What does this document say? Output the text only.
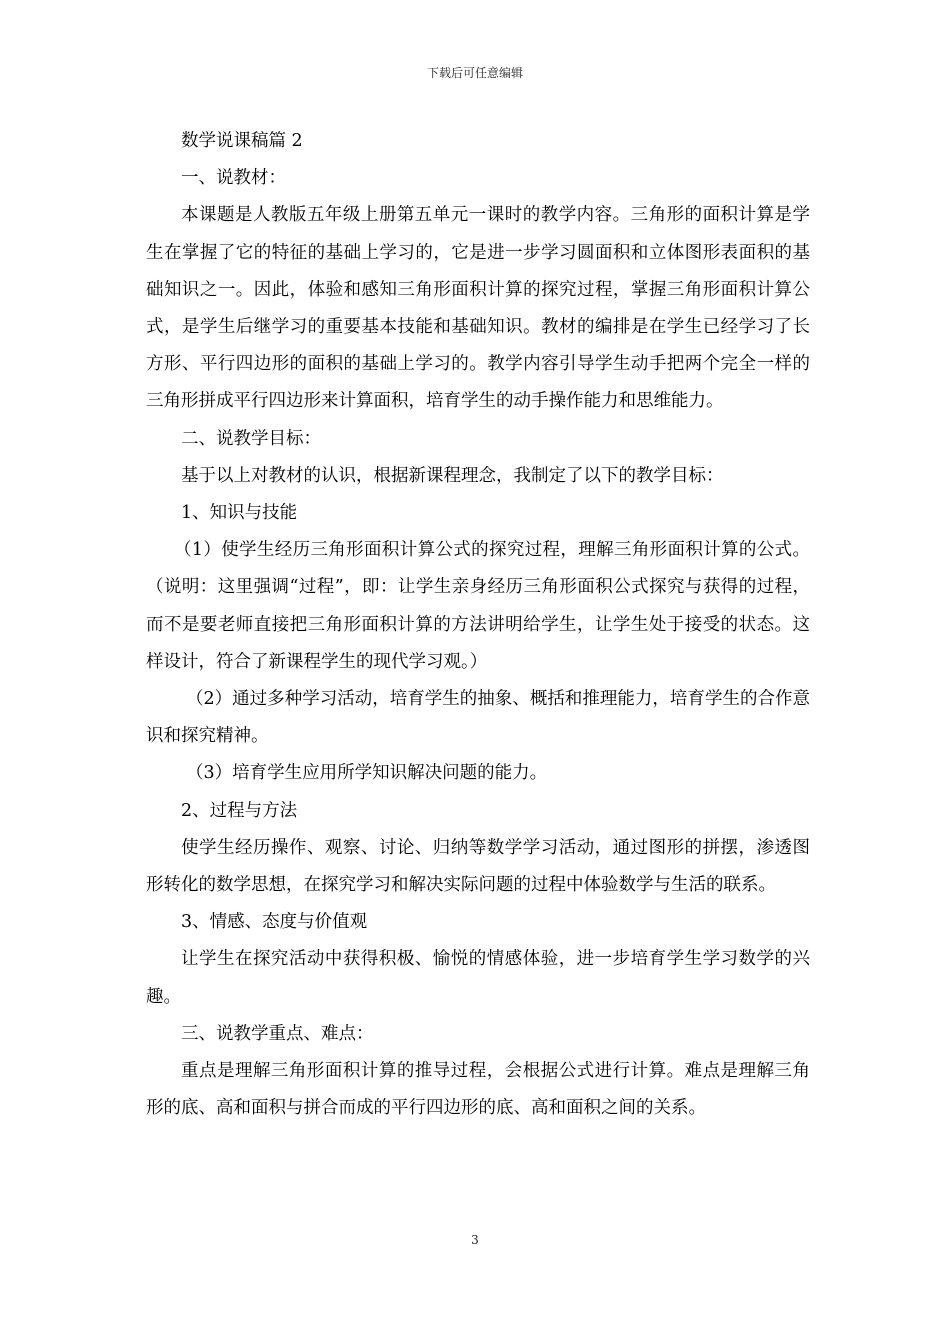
下载后可任意编辑

数学说课稿篇 2

一、说教材：

本课题是人教版五年级上册第五单元一课时的教学内容。三角形的面积计算是学生在掌握了它的特征的基础上学习的，它是进一步学习圆面积和立体图形表面积的基础知识之一。因此，体验和感知三角形面积计算的探究过程，掌握三角形面积计算公式，是学生后继学习的重要基本技能和基础知识。教材的编排是在学生已经学习了长方形、平行四边形的面积的基础上学习的。教学内容引导学生动手把两个完全一样的三角形拼成平行四边形来计算面积，培育学生的动手操作能力和思维能力。

二、说教学目标：

基于以上对教材的认识，根据新课程理念，我制定了以下的教学目标：

1、知识与技能

（1）使学生经历三角形面积计算公式的探究过程，理解三角形面积计算的公式。（说明：这里强调“过程”，即：让学生亲身经历三角形面积公式探究与获得的过程，而不是要老师直接把三角形面积计算的方法讲明给学生，让学生处于接受的状态。这样设计，符合了新课程学生的现代学习观。）

（2）通过多种学习活动，培育学生的抽象、概括和推理能力，培育学生的合作意识和探究精神。

（3）培育学生应用所学知识解决问题的能力。

2、过程与方法

使学生经历操作、观察、讨论、归纳等数学学习活动，通过图形的拼摆，渗透图形转化的数学思想，在探究学习和解决实际问题的过程中体验数学与生活的联系。

3、情感、态度与价值观

让学生在探究活动中获得积极、愉悦的情感体验，进一步培育学生学习数学的兴趣。

三、说教学重点、难点：

重点是理解三角形面积计算的推导过程，会根据公式进行计算。难点是理解三角形的底、高和面积与拼合而成的平行四边形的底、高和面积之间的关系。

3
